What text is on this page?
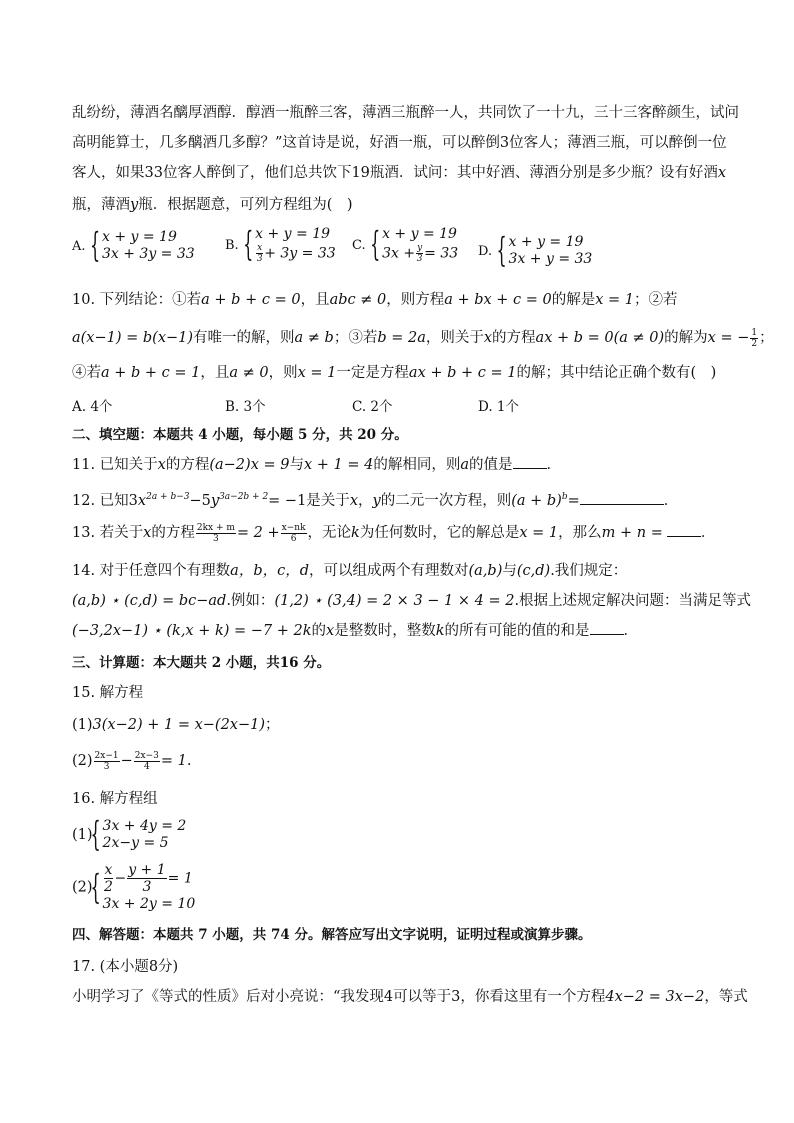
乱纷纷，薄酒名醨厚酒醇．醇酒一瓶醉三客，薄酒三瓶醉一人，共同饮了一十九，三十三客醉颜生，试问
高明能算士，几多醨酒几多醇？”这首诗是说，好酒一瓶，可以醉倒3位客人；薄酒三瓶，可以醉倒一位
客人，如果33位客人醉倒了，他们总共饮下19瓶酒．试问：其中好酒、薄酒分别是多少瓶？设有好酒x
瓶，薄酒y瓶．根据题意，可列方程组为(　)
A.
{ x + y = 19
3x + 3y = 33
B.
{ x + y = 19
$\frac{x}{3} + 3y = 33$ C.
{ x + y = 19
$3x + \frac{y}{3} = 33$ D.
{ x + y = 19
3x + y = 33
10. 下列结论：①若a + b + c = 0，且abc ≠ 0，则方程a + bx + c = 0的解是x = 1；②若
a(x−1) = b(x−1)有唯一的解，则a ≠ b；③若b = 2a，则关于x的方程ax + b = 0(a ≠ 0)的解为x = − $\frac{1}{2}$ ；
④若a + b + c = 1，且a ≠ 0，则x = 1一定是方程ax + b + c = 1的解；其中结论正确个数有(　)
A. 4个	B. 3个	C. 2个	D. 1个
二、填空题：本题共 4 小题，每小题 5 分，共 20 分。
11. 已知关于x的方程(a−2)x = 9与x + 1 = 4的解相同，则a的值是 ．
12. 已知$3x^{2a + b-3}-5y^{3a-2b + 2}= -1$是关于x，y的二元一次方程，则$(a + b)^b=$	．
13. 若关于x的方程 $\frac{2kx + m}{3} = 2 + \frac{x-nk}{6}$ ，无论k为任何数时，它的解总是x = 1，那么m + n =	．
14. 对于任意四个有理数a，b，c，d，可以组成两个有理数对(a,b)与(c,d).我们规定：
(a,b) ⋆ (c,d) = bc−ad.例如：(1,2) ⋆ (3,4) = 2 × 3 − 1 × 4 = 2.根据上述规定解决问题：当满足等式
(−3,2x−1) ⋆ (k,x + k) = −7 + 2k的x是整数时，整数k的所有可能的值的和是 ．
三、计算题：本大题共 2 小题，共16 分。
15. 解方程
(1)3(x−2) + 1 = x−(2x−1)；
$(2) \frac{2x-1}{3} - \frac{2x-3}{4} = 1$.
16. 解方程组
(1)
{ 3x + 4y = 2
2x−y = 5
(2)
{ $\frac{x}{2} - \frac{y + 1}{3} = 1$
3x + 2y = 10
四、解答题：本题共 7 小题，共 74 分。解答应写出文字说明，证明过程或演算步骤。
17. (本小题8分)
小明学习了《等式的性质》后对小亮说：“我发现4可以等于3，你看这里有一个方程4x−2 = 3x−2，等式
